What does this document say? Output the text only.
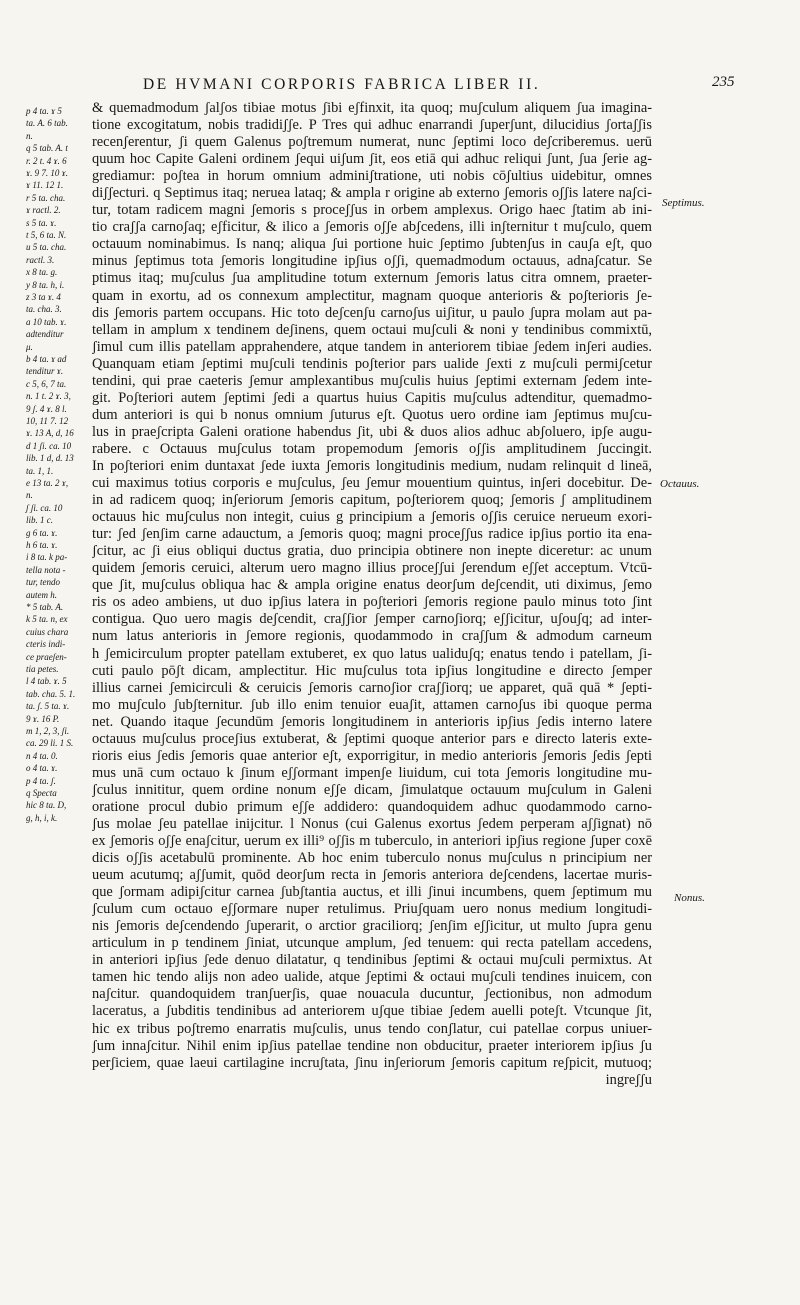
DE HVMANI CORPORIS FABRICA LIBER II.	235
p 4 ta. ɤ 5
ta. A. 6 tab.
n.
q 5 tab. A. t
r. 2 t. 4 ɤ. 6
ɤ. 9 7. 10 ɤ.
ɤ 11. 12 1.
r 5 ta. cha.
ɤ ractl. 2.
s 5 ta. ɤ.
t 5, 6 ta. N.
u 5 ta. cha.
ractl. 3.
x 8 ta. g.
y 8 ta. h, i.
z 3 ta ɤ. 4
ta. cha. 3.
a 10 tab. ɤ.
adtenditur
μ.
b 4 ta. ɤ ad
tenditur ɤ.
c 5, 6, 7 ta.
n. 1 t. 2 ɤ. 3,
9 ʃ. 4 ɤ. 8 l.
10, 11 7. 12
ɤ. 13 A, d, 16
d 1 ʃi. ca. 10
lib. 1 d, d. 13
ta. 1, 1.
e 13 ta. 2 ɤ,
n.
ʃ ʃi. ca. 10
lib. 1 c.
g 6 ta. ɤ.
h 6 ta. ɤ.
i 8 ta. k pa-
tella nota -
tur, tendo
autem h.
* 5 tab. A.
k 5 ta. n, ex
cuius chara
cteris indi-
ce praeʃen-
tia petes.
l 4 tab. ɤ. 5
tab. cha. 5. 1.
ta. ʃ. 5 ta. ɤ.
9 ɤ. 16 P.
m 1, 2, 3, ʃi.
ca. 29 li. 1 S.
n 4 ta. 0.
o 4 ta. ɤ.
p 4 ta. ʃ.
q Specta
hic 8 ta. D,
g, h, i, k.
& quemadmodum ʃalʃos tibiae motus ʃibi eʃfinxit, ita quoq; muʃculum aliquem ʃua imagina-
tione excogitatum, nobis tradidiʃʃe. P Tres qui adhuc enarrandi ʃuperʃunt, dilucidius ʃortaʃʃis
recenʃerentur, ʃi quem Galenus poʃtremum numerat, nunc ʃeptimi loco deʃcriberemus. uerū
quum hoc Capite Galeni ordinem ʃequi uiʃum ʃit, eos etiā qui adhuc reliqui ʃunt, ʃua ʃerie ag-
grediamur: poʃtea in horum omnium adminiʃtratione, uti nobis cōʃultius uidebitur, omnes
diʃʃecturi. q Septimus itaq; neruea lataq; & ampla r origine ab externo ʃemoris oʃʃis latere naʃci-
tur, totam radicem magni ʃemoris s proceʃʃus in orbem amplexus. Origo haec ʃtatim ab ini-
tio craʃʃa carnoʃaq; eʃficitur, & ilico a ʃemoris oʃʃe abʃcedens, illi inʃternitur t muʃculo, quem
octauum nominabimus. Is nanq; aliqua ʃui portione huic ʃeptimo ʃubtenʃus in cauʃa eʃt, quo
minus ʃeptimus tota ʃemoris longitudine ipʃius oʃʃi, quemadmodum octauus, adnaʃcatur. Se
ptimus itaq; muʃculus ʃua amplitudine totum externum ʃemoris latus citra omnem, praeter-
quam in exortu, ad os connexum amplectitur, magnam quoque anterioris & poʃterioris ʃe-
dis ʃemoris partem occupans. Hic toto deʃcenʃu carnoʃus uiʃitur, u paulo ʃupra molam aut pa-
tellam in amplum x tendinem deʃinens, quem octaui muʃculi & noni y tendinibus commixtū,
ʃimul cum illis patellam apprahendere, atque tandem in anteriorem tibiae ʃedem inʃeri audies.
Quanquam etiam ʃeptimi muʃculi tendinis poʃterior pars ualide ʃexti z muʃculi permiʃcetur
tendini, qui prae caeteris ʃemur amplexantibus muʃculis huius ʃeptimi externam ʃedem inte-
git. Poʃteriori autem ʃeptimi ʃedi a quartus huius Capitis muʃculus adtenditur, quemadmo-
dum anteriori is qui b nonus omnium ʃuturus eʃt. Quotus uero ordine iam ʃeptimus muʃcu-
lus in praeʃcripta Galeni oratione habendus ʃit, ubi & duos alios adhuc abʃoluero, ipʃe augu-
rabere. c Octauus muʃculus totam propemodum ʃemoris oʃʃis amplitudinem ʃuccingit.
In poʃteriori enim duntaxat ʃede iuxta ʃemoris longitudinis medium, nudam relinquit d lineā,
cui maximus totius corporis e muʃculus, ʃeu ʃemur mouentium quintus, inʃeri docebitur. De-
in ad radicem quoq; inʃeriorum ʃemoris capitum, poʃteriorem quoq; ʃemoris ʃ amplitudinem
octauus hic muʃculus non integit, cuius g principium a ʃemoris oʃʃis ceruice nerueum exori-
tur: ʃed ʃenʃim carne adauctum, a ʃemoris quoq; magni proceʃʃus radice ipʃius portio ita ena-
ʃcitur, ac ʃi eius obliqui ductus gratia, duo principia obtinere non inepte diceretur: ac unum
quidem ʃemoris ceruici, alterum uero magno illius proceʃʃui ʃerendum eʃʃet acceptum. Vtcū-
que ʃit, muʃculus obliqua hac & ampla origine enatus deorʃum deʃcendit, uti diximus, ʃemo
ris os adeo ambiens, ut duo ipʃius latera in poʃteriori ʃemoris regione paulo minus toto ʃint
contigua. Quo uero magis deʃcendit, craʃʃior ʃemper carnoʃiorq; eʃʃicitur, uʃouʃq; ad inter-
num latus anterioris in ʃemore regionis, quodammodo in craʃʃum & admodum carneum
h ʃemicirculum propter patellam extuberet, ex quo latus ualiduʃq; enatus tendo i patellam, ʃi-
cuti paulo pōʃt dicam, amplectitur. Hic muʃculus tota ipʃius longitudine e directo ʃemper
illius carnei ʃemicirculi & ceruicis ʃemoris carnoʃior craʃʃiorq; ue apparet, quā quā * ʃepti-
mo muʃculo ʃubʃternitur. ʃub illo enim tenuior euaʃit, attamen carnoʃus ibi quoque perma
net. Quando itaque ʃecundūm ʃemoris longitudinem in anterioris ipʃius ʃedis interno latere
octauus muʃculus proceʃius extuberat, & ʃeptimi quoque anterior pars e directo lateris exte-
rioris eius ʃedis ʃemoris quae anterior eʃt, exporrigitur, in medio anterioris ʃemoris ʃedis ʃepti
mus unā cum octauo k ʃinum eʃʃormant impenʃe liuidum, cui tota ʃemoris longitudine mu-
ʃculus innititur, quem ordine nonum eʃʃe dicam, ʃimulatque octauum muʃculum in Galeni
oratione procul dubio primum eʃʃe addidero: quandoquidem adhuc quodammodo carno-
ʃus molae ʃeu patellae inijcitur. l Nonus (cui Galenus exortus ʃedem perperam aʃʃignat) nō
ex ʃemoris oʃʃe enaʃcitur, uerum ex illi⁹ oʃʃis m tuberculo, in anteriori ipʃius regione ʃuper coxē
dicis oʃʃis acetabulū prominente. Ab hoc enim tuberculo nonus muʃculus n principium ner
ueum acutumq; aʃʃumit, quōd deorʃum recta in ʃemoris anteriora deʃcendens, lacertae muris-
que ʃormam adipiʃcitur carnea ʃubʃtantia auctus, et illi ʃinui incumbens, quem ʃeptimum mu
ʃculum cum octauo eʃʃormare nuper retulimus. Priuʃquam uero nonus medium longitudi-
nis ʃemoris deʃcendendo ʃuperarit, o arctior graciliorq; ʃenʃim eʃʃicitur, ut multo ʃupra genu
articulum in p tendinem ʃiniat, utcunque amplum, ʃed tenuem: qui recta patellam accedens,
in anteriori ipʃius ʃede denuo dilatatur, q tendinibus ʃeptimi & octaui muʃculi permixtus. At
tamen hic tendo alijs non adeo ualide, atque ʃeptimi & octaui muʃculi tendines inuicem, con
naʃcitur. quandoquidem tranʃuerʃis, quae nouacula ducuntur, ʃectionibus, non admodum
laceratus, a ʃubditis tendinibus ad anteriorem uʃque tibiae ʃedem auelli poteʃt. Vtcunque ʃit,
hic ex tribus poʃtremo enarratis muʃculis, unus tendo conʃlatur, cui patellae corpus uniuer-
ʃum innaʃcitur. Nihil enim ipʃius patellae tendine non obducitur, praeter interiorem ipʃius ʃu
perʃiciem, quae laeui cartilagine incruʃtata, ʃinu inʃeriorum ʃemoris capitum reʃpicit, mutuoq;
ingreʃʃu
Septimus.
Octauus.
Nonus.
